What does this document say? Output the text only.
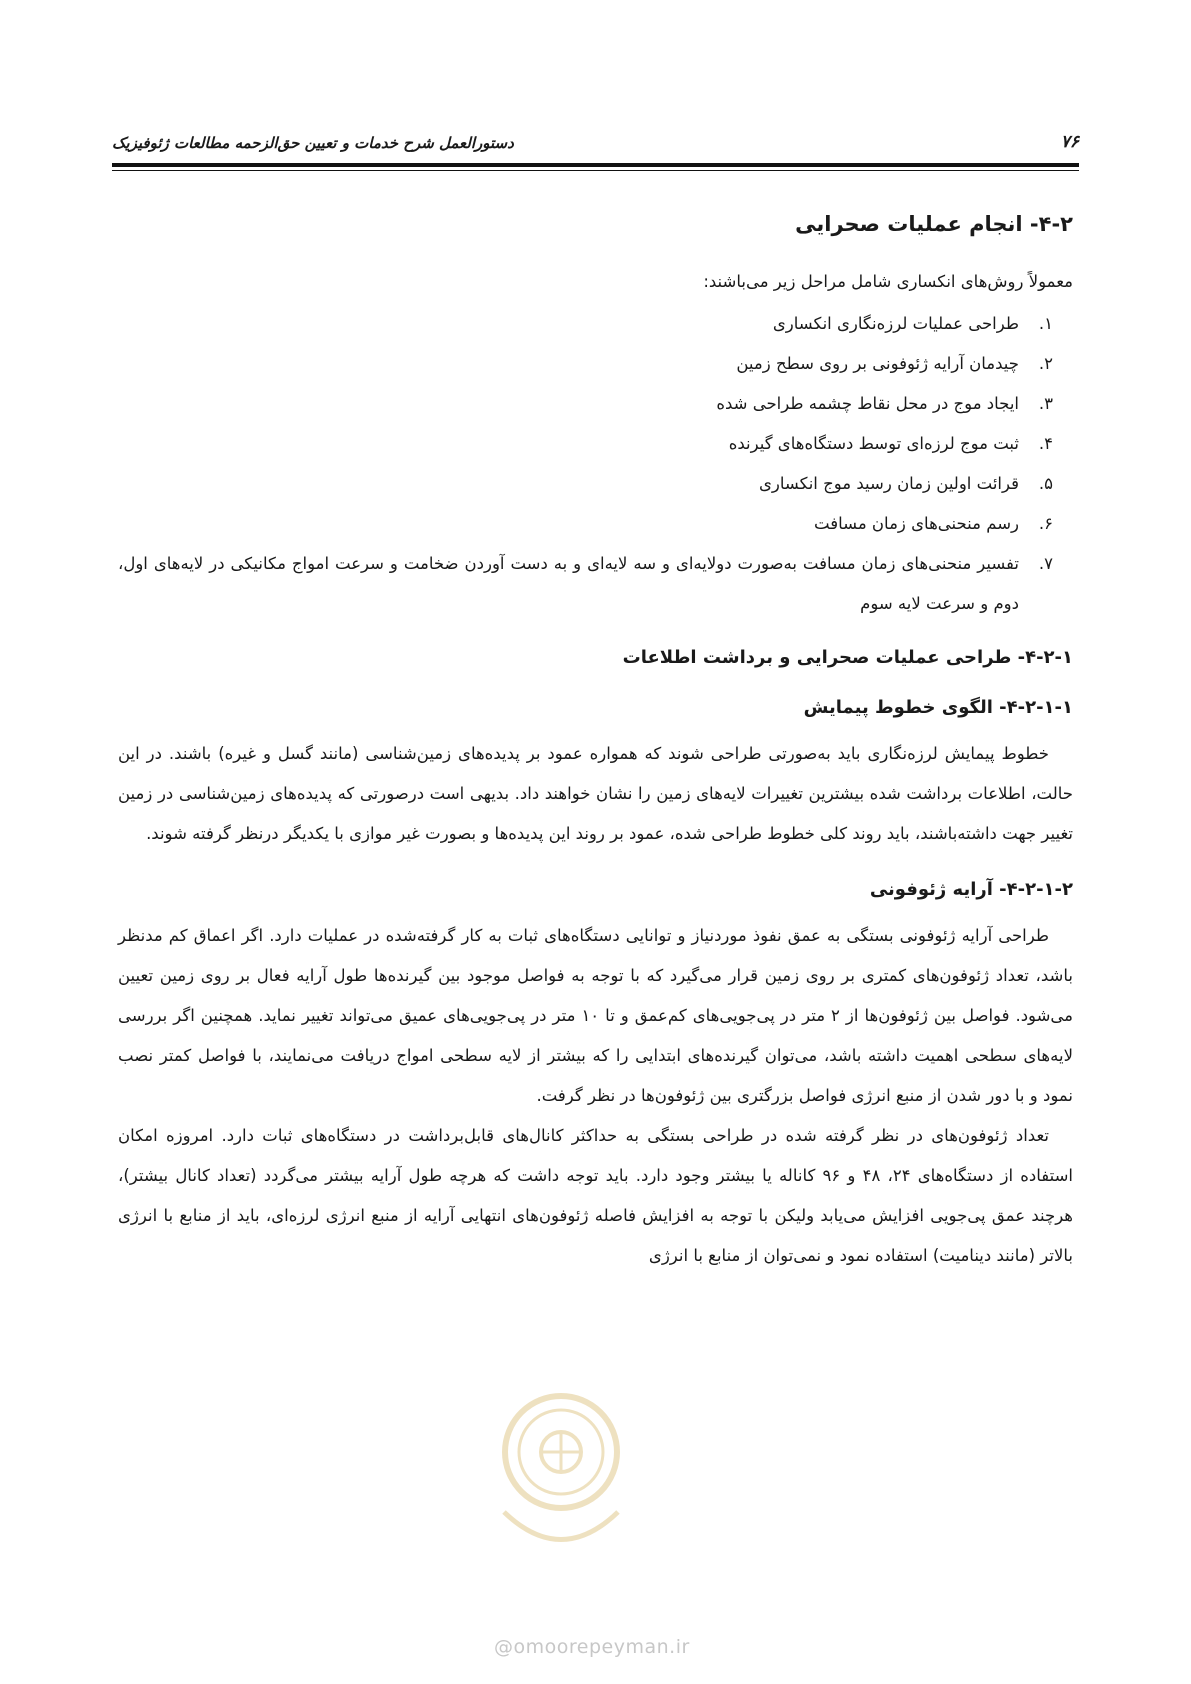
۷۶
دستورالعمل شرح خدمات و تعیین حق‌الزحمه مطالعات ژئوفیزیک
۴-۲- انجام عملیات صحرایی

معمولاً روش‌های انکساری شامل مراحل زیر می‌باشند:

۱.
طراحی عملیات لرزه‌نگاری انکساری
۲.
چیدمان آرایه ژئوفونی بر روی سطح زمین
۳.
ایجاد موج در محل نقاط چشمه طراحی شده
۴.
ثبت موج لرزه‌ای توسط دستگاه‌های گیرنده
۵.
قرائت اولین زمان رسید موج انکساری
۶.
رسم منحنی‌های زمان مسافت
۷.
تفسیر منحنی‌های زمان مسافت به‌صورت دولایه‌ای و سه لایه‌ای و به دست آوردن ضخامت و سرعت امواج مکانیکی در لایه‌های اول، دوم و سرعت لایه سوم
۴-۲-۱- طراحی عملیات صحرایی و برداشت اطلاعات
۴-۲-۱-۱- الگوی خطوط پیمایش

خطوط پیمایش لرزه‌نگاری باید به‌صورتی طراحی شوند که همواره عمود بر پدیده‌های زمین‌شناسی (مانند گسل و غیره) باشند. در این حالت، اطلاعات برداشت شده بیشترین تغییرات لایه‌های زمین را نشان خواهند داد. بدیهی است درصورتی که پدیده‌های زمین‌شناسی در زمین تغییر جهت داشته‌باشند، باید روند کلی خطوط طراحی شده، عمود بر روند این پدیده‌ها و بصورت غیر موازی با یکدیگر درنظر گرفته شوند.

۴-۲-۱-۲- آرایه ژئوفونی

طراحی آرایه ژئوفونی بستگی به عمق نفوذ موردنیاز و توانایی دستگاه‌های ثبات به کار گرفته‌شده در عملیات دارد. اگر اعماق کم مدنظر باشد، تعداد ژئوفون‌های کمتری بر روی زمین قرار می‌گیرد که با توجه به فواصل موجود بین گیرنده‌ها طول آرایه فعال بر روی زمین تعیین می‌شود. فواصل بین ژئوفون‌ها از ۲ متر در پی‌جویی‌های کم‌عمق و تا ۱۰ متر در پی‌جویی‌های عمیق می‌تواند تغییر نماید. همچنین اگر بررسی لایه‌های سطحی اهمیت داشته باشد، می‌توان گیرنده‌های ابتدایی را که بیشتر از لایه سطحی امواج دریافت می‌نمایند، با فواصل کمتر نصب نمود و با دور شدن از منبع انرژی فواصل بزرگتری بین ژئوفون‌ها در نظر گرفت.

تعداد ژئوفون‌های در نظر گرفته شده در طراحی بستگی به حداکثر کانال‌های قابل‌برداشت در دستگاه‌های ثبات دارد. امروزه امکان استفاده از دستگاه‌های ۲۴، ۴۸ و ۹۶ کاناله یا بیشتر وجود دارد. باید توجه داشت که هرچه طول آرایه بیشتر می‌گردد (تعداد کانال بیشتر)، هرچند عمق پی‌جویی افزایش می‌یابد ولیکن با توجه به افزایش فاصله ژئوفون‌های انتهایی آرایه از منبع انرژی لرزه‌ای، باید از منابع با انرژی بالاتر (مانند دینامیت) استفاده نمود و نمی‌توان از منابع با انرژی

@omoorepeyman.ir
